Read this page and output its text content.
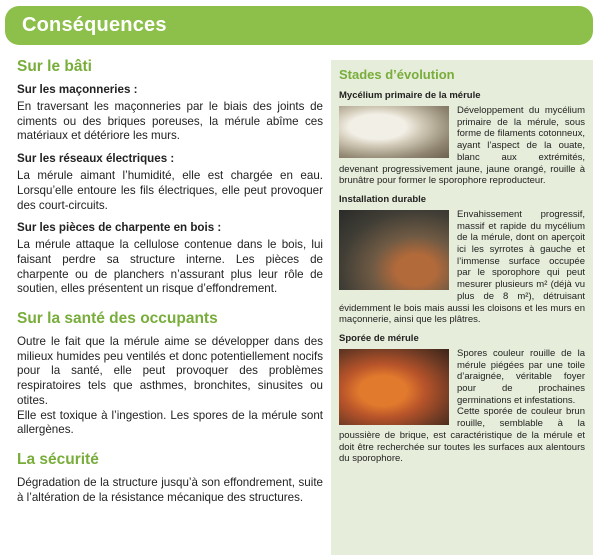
Conséquences
Sur le bâti
Sur les maçonneries :
En traversant les maçonneries par le biais des joints de ciments ou des briques poreuses, la mérule abîme ces matériaux et détériore les murs.
Sur les réseaux électriques :
La mérule aimant l’humidité, elle est chargée en eau. Lorsqu’elle entoure les fils électriques, elle peut provoquer des court-circuits.
Sur les pièces de charpente en bois :
La mérule attaque la cellulose contenue dans le bois, lui faisant perdre sa structure interne. Les pièces de charpente ou de planchers n’assurant plus leur rôle de soutien, elles présentent un risque d’effondrement.
Sur la santé des occupants
Outre le fait que la mérule aime se développer dans des milieux humides peu ventilés et donc potentiellement nocifs pour la santé, elle peut provoquer des problèmes respiratoires tels que asthmes, bronchites, sinusites ou otites.
Elle est toxique à l’ingestion. Les spores de la mérule sont allergènes.
La sécurité
Dégradation de la structure jusqu’à son effondrement, suite à l’altération de la résistance mécanique des structures.
Stades d’évolution
Mycélium primaire de la mérule
Développement du mycélium primaire de la mérule, sous forme de filaments cotonneux, ayant l’aspect de la ouate, blanc aux extrémités, devenant progressivement jaune, jaune orangé, rouille à brunâtre pour former le sporophore reproducteur.
Installation durable
Envahissement progressif, massif et rapide du mycélium de la mérule, dont on aperçoit ici les syrrotes à gauche et l’immense surface occupée par le sporophore qui peut mesurer plusieurs m² (déjà vu plus de 8 m²), détruisant évidemment le bois mais aussi les cloisons et les murs en maçonnerie, ainsi que les plâtres.
Sporée de mérule
Spores couleur rouille de la mérule piégées par une toile d’araignée, véritable foyer pour de prochaines germinations et infestations.
Cette sporée de couleur brun rouille, semblable à la poussière de brique, est caractéristique de la mérule et doit être recherchée sur toutes les surfaces aux alentours du sporophore.
